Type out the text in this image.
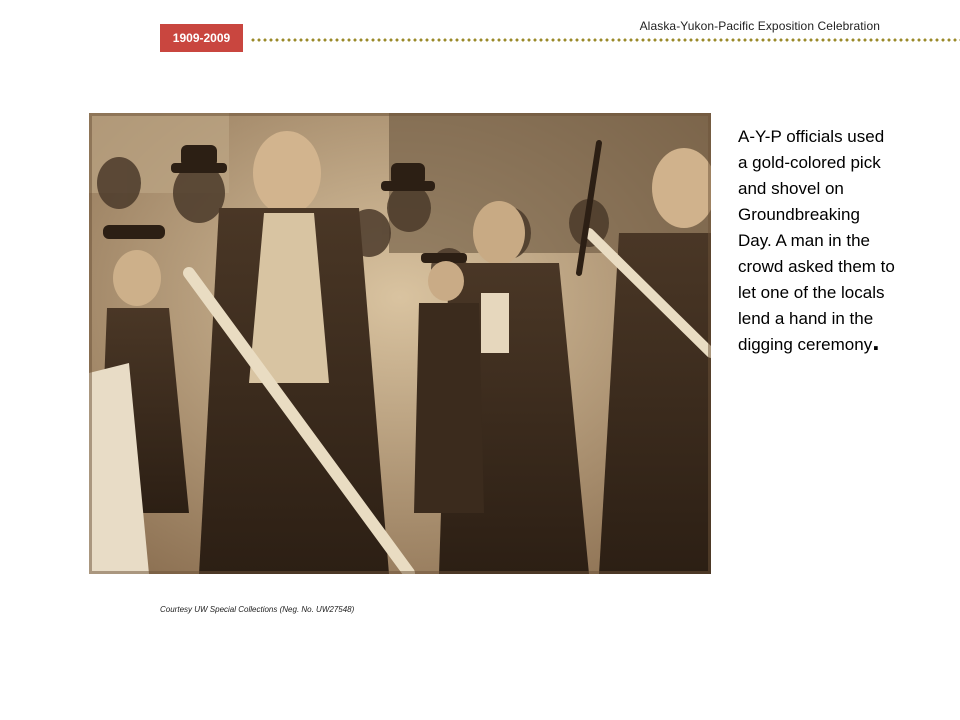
1909-2009
Alaska-Yukon-Pacific Exposition Celebration
A-Y-P officials used a gold-colored pick and shovel on Groundbreaking Day. A man in the crowd asked them to let one of the locals lend a hand in the digging ceremony.
Courtesy UW Special Collections (Neg. No. UW27548)
